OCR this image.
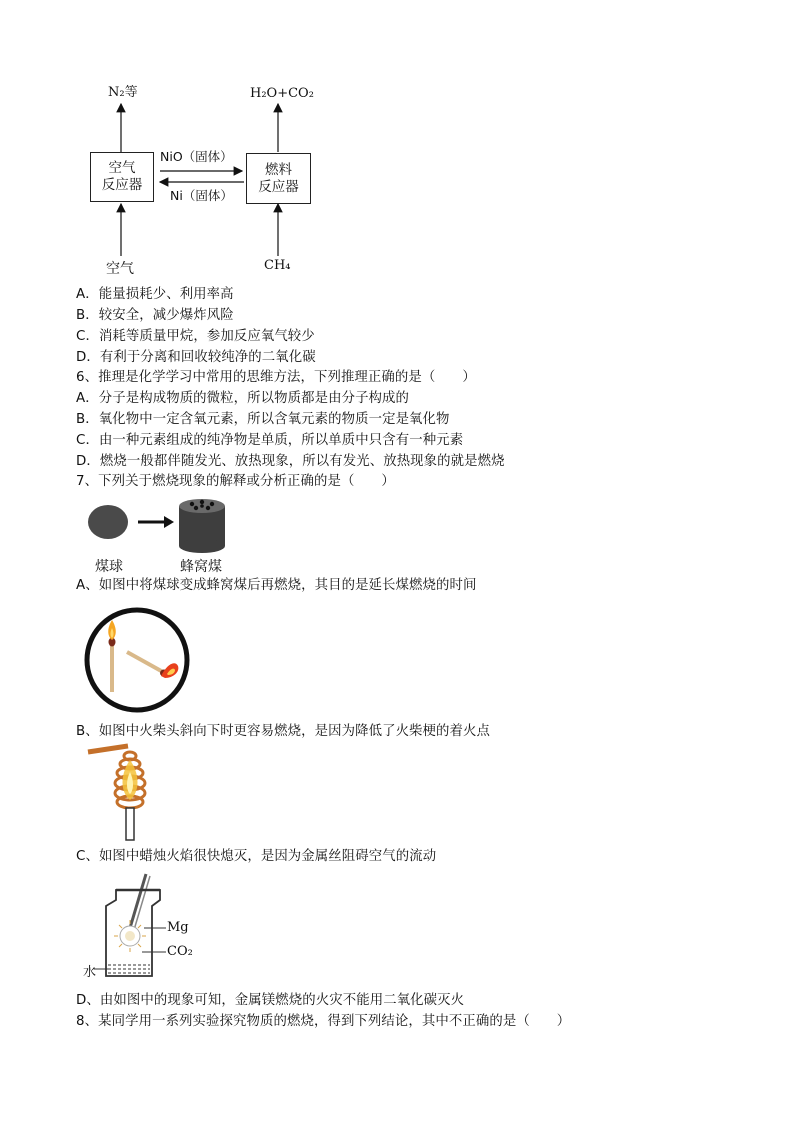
N₂等	H₂O+CO₂
空气
反应器
燃料
反应器
NiO（固体）
Ni（固体）
空气	CH₄
A．能量损耗少、利用率高
B．较安全，减少爆炸风险
C．消耗等质量甲烷，参加反应氧气较少
D．有利于分离和回收较纯净的二氧化碳
6、推理是化学学习中常用的思维方法，下列推理正确的是（　　）
A．分子是构成物质的微粒，所以物质都是由分子构成的
B．氧化物中一定含氧元素，所以含氧元素的物质一定是氧化物
C．由一种元素组成的纯净物是单质，所以单质中只含有一种元素
D．燃烧一般都伴随发光、放热现象，所以有发光、放热现象的就是燃烧
7、下列关于燃烧现象的解释或分析正确的是（　　）
煤球	蜂窝煤
A、如图中将煤球变成蜂窝煤后再燃烧，其目的是延长煤燃烧的时间
B、如图中火柴头斜向下时更容易燃烧，是因为降低了火柴梗的着火点
C、如图中蜡烛火焰很快熄灭，是因为金属丝阻碍空气的流动
Mg
CO₂
水
D、由如图中的现象可知，金属镁燃烧的火灾不能用二氧化碳灭火
8、某同学用一系列实验探究物质的燃烧，得到下列结论，其中不正确的是（　　）
